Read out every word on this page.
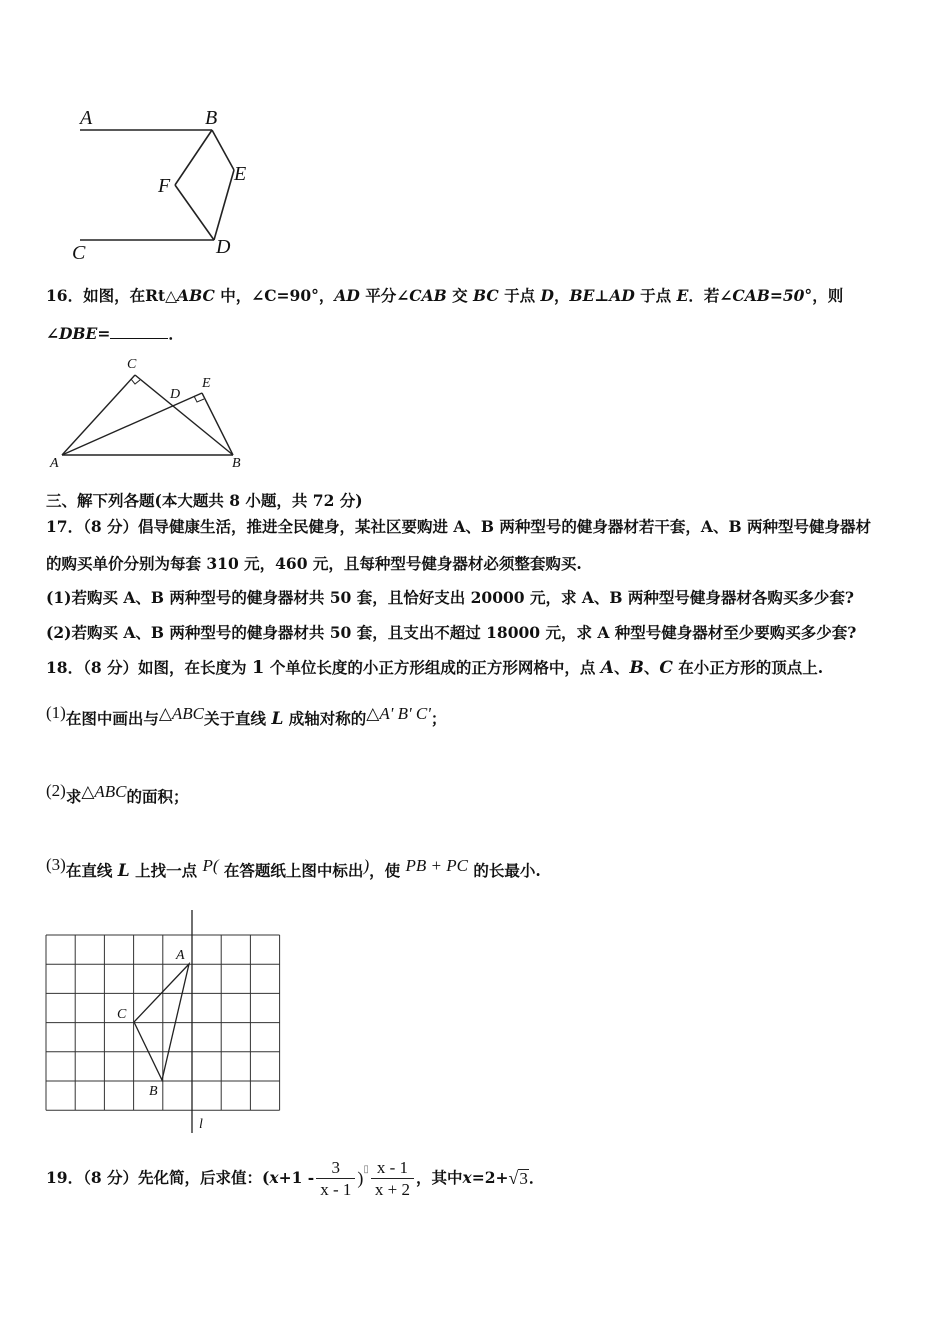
A	B
E
F
C	D
16．如图，在Rt△ABC 中，∠C=90°，AD 平分∠CAB 交 BC 于点 D，BE⊥AD 于点 E．若∠CAB=50°，则
∠DBE=	．
C
D
E
A	B
三、解下列各题(本大题共 8 小题，共 72 分)
17．（8 分）倡导健康生活，推进全民健身，某社区要购进 A、B 两种型号的健身器材若干套，A、B 两种型号健身器材
的购买单价分别为每套 310 元，460 元，且每种型号健身器材必须整套购买.
(1)若购买 A、B 两种型号的健身器材共 50 套，且恰好支出 20000 元，求 A、B 两种型号健身器材各购买多少套?
(2)若购买 A、B 两种型号的健身器材共 50 套，且支出不超过 18000 元，求 A 种型号健身器材至少要购买多少套?
18．（8 分）如图，在长度为 1 个单位长度的小正方形组成的正方形网格中，点 A、B、C 在小正方形的顶点上.
(1)在图中画出与△ABC关于直线 L 成轴对称的△A' B' C'；
(2)求△ABC的面积；
(3)在直线 L 上找一点 P( 在答题纸上图中标出)，使 PB + PC 的长最小.
A
C
B
l
19．（8 分）先化简，后求值：( $x +1 - \frac{3}{x - 1}$ ) ▯ $\frac{x - 1}{x + 2}$ ，其中 x =2+ √ 3 ．
